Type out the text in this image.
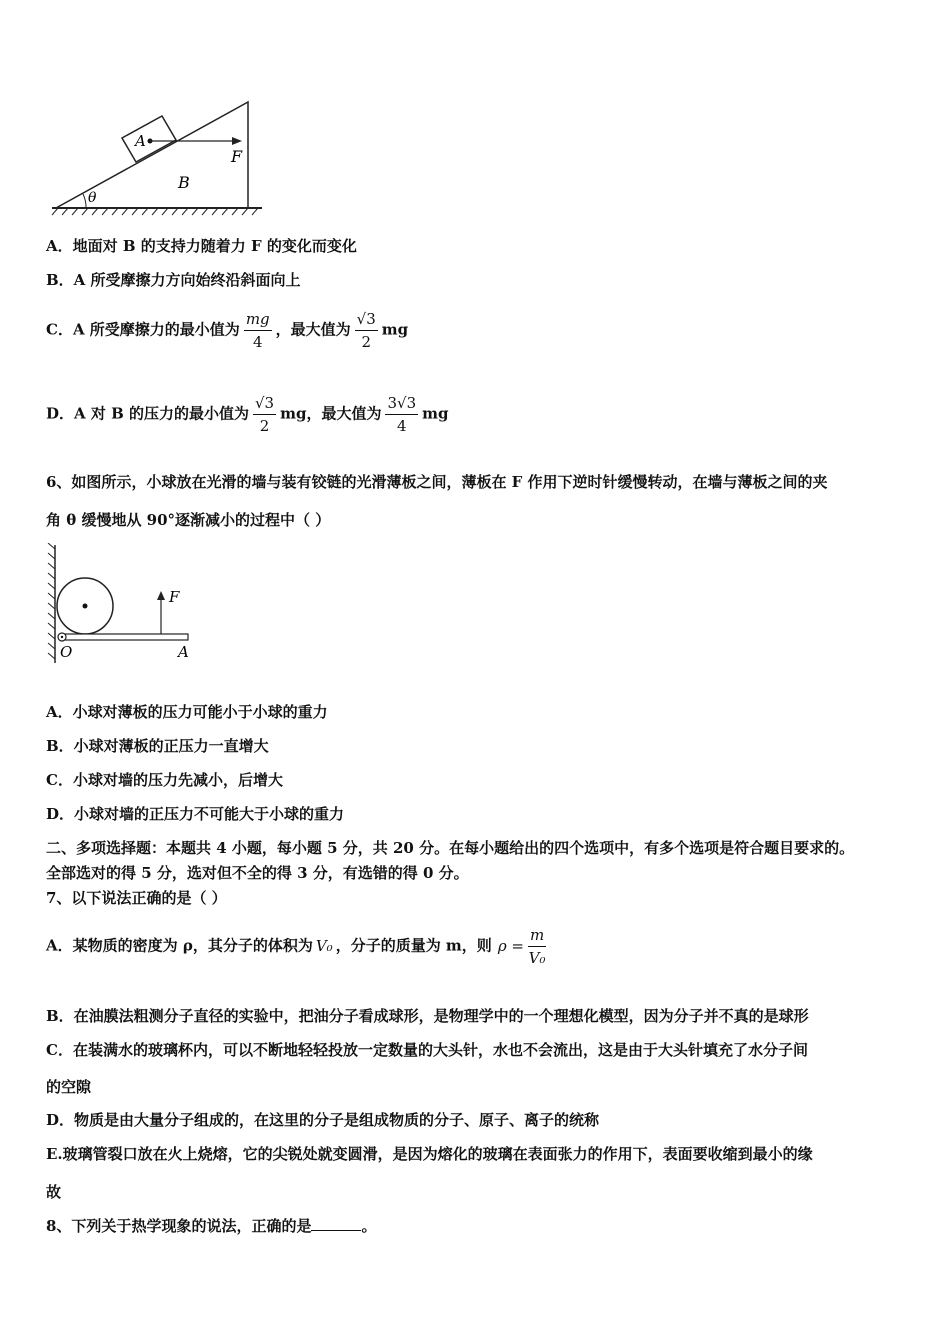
A
B
F
θ
A．地面对 B 的支持力随着力 F 的变化而变化
B．A 所受摩擦力方向始终沿斜面向上
C．A 所受摩擦力的最小值为 $\frac{mg}{4}$ ，最大值为 $\frac{√3}{2}$ mg
D．A 对 B 的压力的最小值为 $\frac{√3}{2}$ mg，最大值为 $\frac{3√3}{4}$ mg
6、如图所示，小球放在光滑的墙与装有铰链的光滑薄板之间，薄板在 F 作用下逆时针缓慢转动，在墙与薄板之间的夹
角 θ 缓慢地从 90°逐渐减小的过程中（ ）
F
O	A
A．小球对薄板的压力可能小于小球的重力
B．小球对薄板的正压力一直增大
C．小球对墙的压力先减小，后增大
D．小球对墙的正压力不可能大于小球的重力
二、多项选择题：本题共 4 小题，每小题 5 分，共 20 分。在每小题给出的四个选项中，有多个选项是符合题目要求的。
全部选对的得 5 分，选对但不全的得 3 分，有选错的得 0 分。
7、以下说法正确的是（ ）
A．某物质的密度为 ρ，其分子的体积为 V₀ ，分子的质量为 m，则 $\rho = \frac{m}{\text{V₀}}$
B．在油膜法粗测分子直径的实验中，把油分子看成球形，是物理学中的一个理想化模型，因为分子并不真的是球形
C．在装满水的玻璃杯内，可以不断地轻轻投放一定数量的大头针，水也不会流出，这是由于大头针填充了水分子间
的空隙
D．物质是由大量分子组成的，在这里的分子是组成物质的分子、原子、离子的统称
E.玻璃管裂口放在火上烧熔，它的尖锐处就变圆滑，是因为熔化的玻璃在表面张力的作用下，表面要收缩到最小的缘
故
8、下列关于热学现象的说法，正确的是	。
